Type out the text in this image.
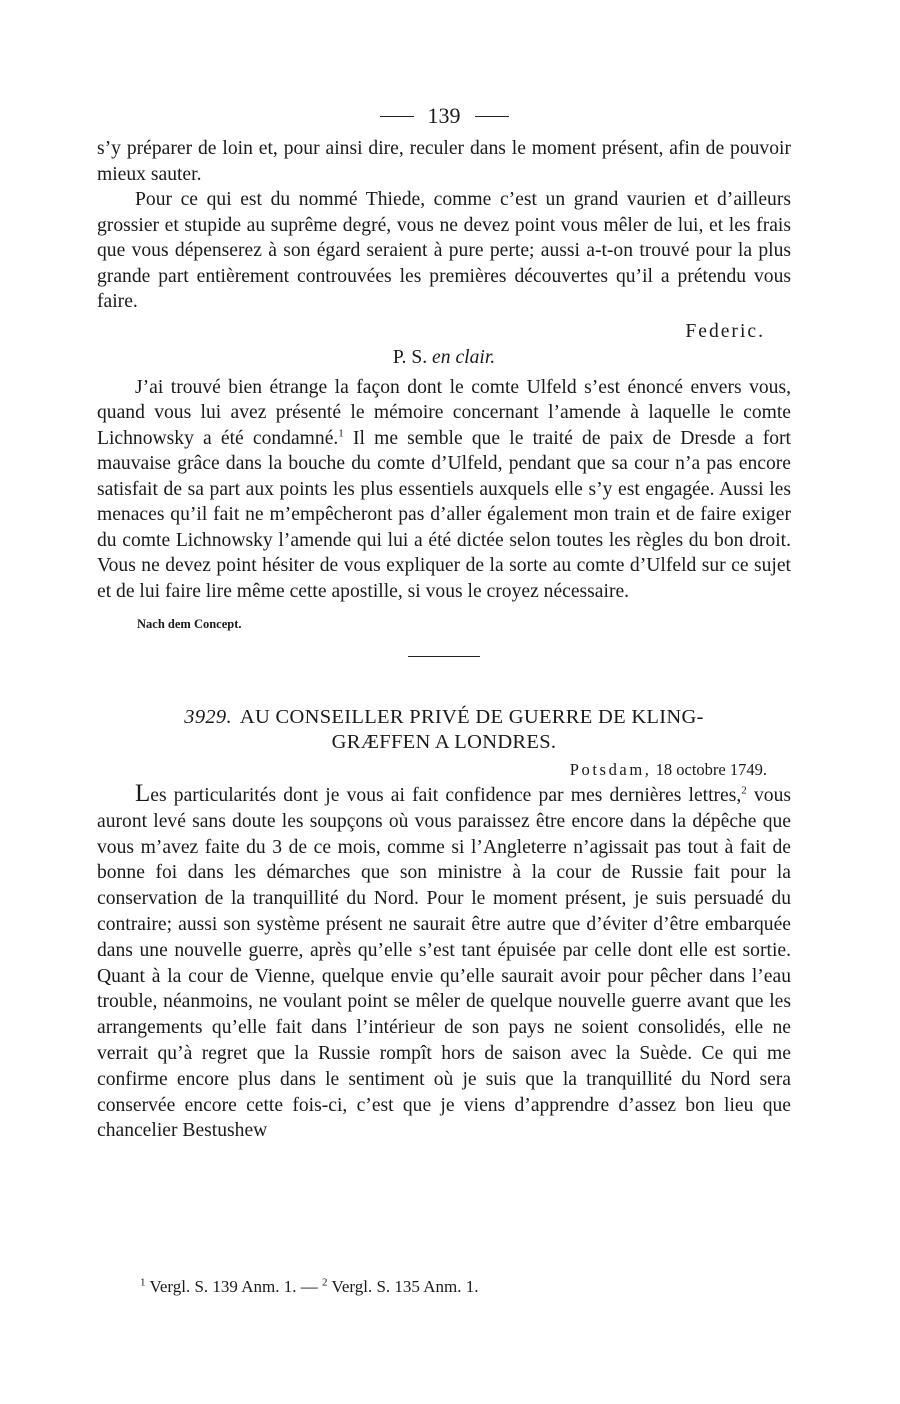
139

s’y préparer de loin et, pour ainsi dire, reculer dans le moment présent, afin de pouvoir mieux sauter.

Pour ce qui est du nommé Thiede, comme c’est un grand vaurien et d’ailleurs grossier et stupide au suprême degré, vous ne devez point vous mêler de lui, et les frais que vous dépenserez à son égard seraient à pure perte; aussi a-t-on trouvé pour la plus grande part entièrement controuvées les premières découvertes qu’il a prétendu vous faire.

Federic.
P. S. en clair.

J’ai trouvé bien étrange la façon dont le comte Ulfeld s’est énoncé envers vous, quand vous lui avez présenté le mémoire concernant l’amende à laquelle le comte Lichnowsky a été condamné.$^1$ Il me semble que le traité de paix de Dresde a fort mauvaise grâce dans la bouche du comte d’Ulfeld, pendant que sa cour n’a pas encore satisfait de sa part aux points les plus essentiels auxquels elle s’y est engagée. Aussi les menaces qu’il fait ne m’empêcheront pas d’aller également mon train et de faire exiger du comte Lichnowsky l’amende qui lui a été dictée selon toutes les règles du bon droit. Vous ne devez point hésiter de vous expliquer de la sorte au comte d’Ulfeld sur ce sujet et de lui faire lire même cette apostille, si vous le croyez nécessaire.

Nach dem Concept.
3929. AU CONSEILLER PRIVÉ DE GUERRE DE KLING-
GRÆFFEN A LONDRES.
Potsdam, 18 octobre 1749.

Les particularités dont je vous ai fait confidence par mes dernières lettres,$^2$ vous auront levé sans doute les soupçons où vous paraissez être encore dans la dépêche que vous m’avez faite du 3 de ce mois, comme si l’Angleterre n’agissait pas tout à fait de bonne foi dans les démarches que son ministre à la cour de Russie fait pour la conservation de la tranquillité du Nord. Pour le moment présent, je suis persuadé du contraire; aussi son système présent ne saurait être autre que d’éviter d’être embarquée dans une nouvelle guerre, après qu’elle s’est tant épuisée par celle dont elle est sortie. Quant à la cour de Vienne, quelque envie qu’elle saurait avoir pour pêcher dans l’eau trouble, néanmoins, ne voulant point se mêler de quelque nouvelle guerre avant que les arrangements qu’elle fait dans l’intérieur de son pays ne soient consolidés, elle ne verrait qu’à regret que la Russie rompît hors de saison avec la Suède. Ce qui me confirme encore plus dans le sentiment où je suis que la tranquillité du Nord sera conservée encore cette fois-ci, c’est que je viens d’apprendre d’assez bon lieu que chancelier Bestushew

$^1$ Vergl. S. 139 Anm. 1. — $^2$ Vergl. S. 135 Anm. 1.
